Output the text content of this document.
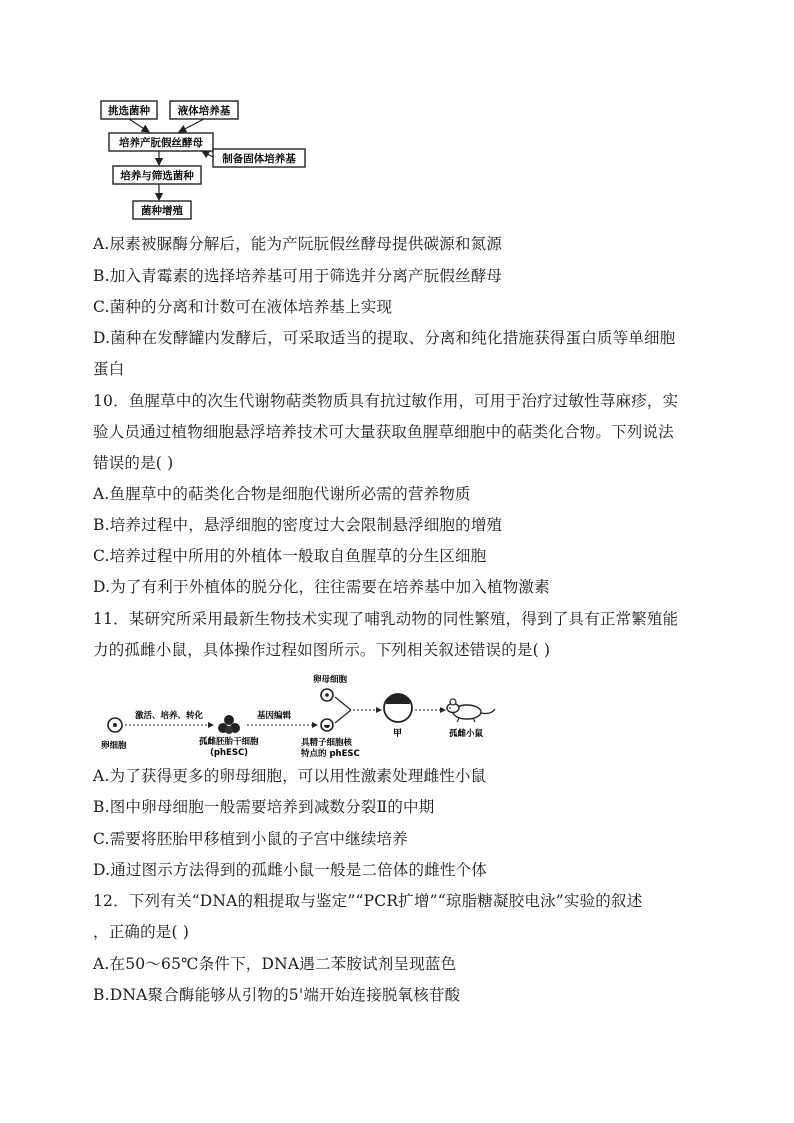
挑选菌种	液体培养基
培养产朊假丝酵母
制备固体培养基
培养与筛选菌种
菌种增殖
A.尿素被脲酶分解后，能为产阮朊假丝酵母提供碳源和氮源
B.加入青霉素的选择培养基可用于筛选并分离产朊假丝酵母
C.菌种的分离和计数可在液体培养基上实现
D.菌种在发酵罐内发酵后，可采取适当的提取、分离和纯化措施获得蛋白质等单细胞
蛋白
10．鱼腥草中的次生代谢物萜类物质具有抗过敏作用，可用于治疗过敏性荨麻疹，实
验人员通过植物细胞悬浮培养技术可大量获取鱼腥草细胞中的萜类化合物。下列说法
错误的是( )
A.鱼腥草中的萜类化合物是细胞代谢所必需的营养物质
B.培养过程中，悬浮细胞的密度过大会限制悬浮细胞的增殖
C.培养过程中所用的外植体一般取自鱼腥草的分生区细胞
D.为了有利于外植体的脱分化，往往需要在培养基中加入植物激素
11．某研究所采用最新生物技术实现了哺乳动物的同性繁殖，得到了具有正常繁殖能
力的孤雌小鼠，具体操作过程如图所示。下列相关叙述错误的是( )
卵细胞
激活、培养、转化
孤雌胚胎干细胞
(phESC)
基因编辑
卵母细胞
具精子细胞核
特点的 phESC
甲	孤雌小鼠
A.为了获得更多的卵母细胞，可以用性激素处理雌性小鼠
B.图中卵母细胞一般需要培养到减数分裂Ⅱ的中期
C.需要将胚胎甲移植到小鼠的子宫中继续培养
D.通过图示方法得到的孤雌小鼠一般是二倍体的雌性个体
12．下列有关“DNA的粗提取与鉴定”“PCR扩增”“琼脂糖凝胶电泳”实验的叙述
，正确的是( )
A.在50～65℃条件下，DNA遇二苯胺试剂呈现蓝色
B.DNA聚合酶能够从引物的5'端开始连接脱氧核苷酸
